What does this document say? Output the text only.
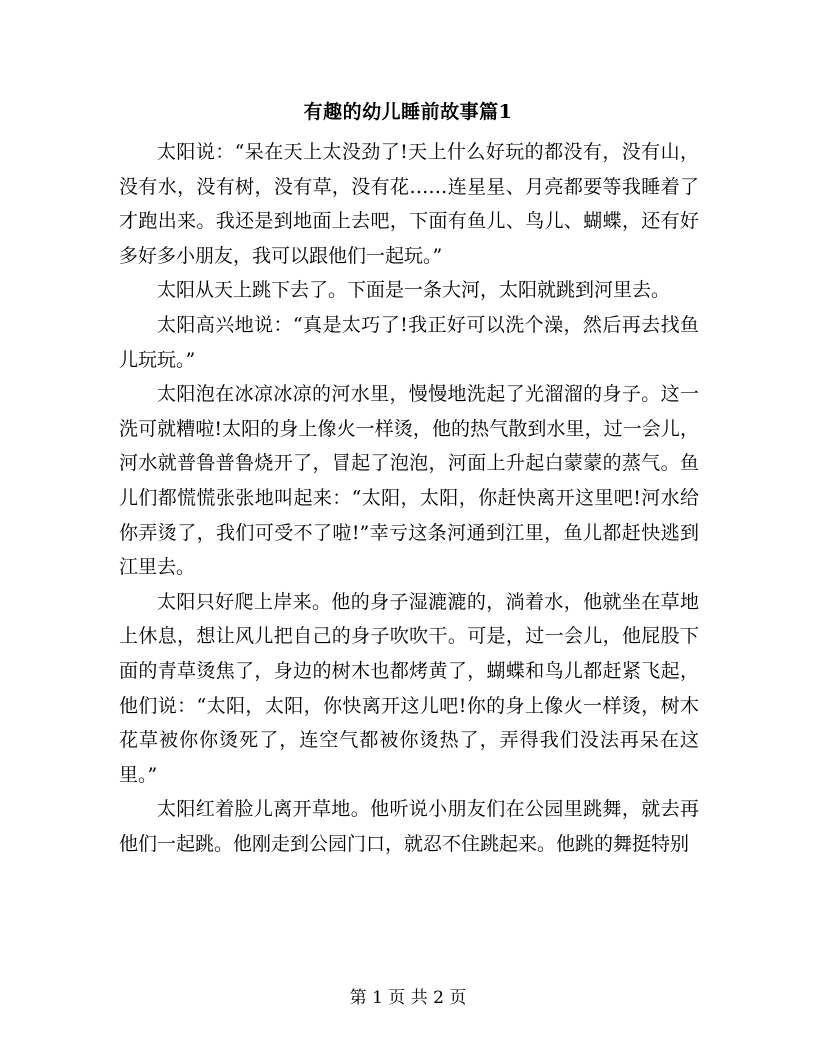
有趣的幼儿睡前故事篇1

太阳说：“呆在天上太没劲了!天上什么好玩的都没有，没有山，没有水，没有树，没有草，没有花……连星星、月亮都要等我睡着了才跑出来。我还是到地面上去吧，下面有鱼儿、鸟儿、蝴蝶，还有好多好多小朋友，我可以跟他们一起玩。”

太阳从天上跳下去了。下面是一条大河，太阳就跳到河里去。

太阳高兴地说：“真是太巧了!我正好可以洗个澡，然后再去找鱼儿玩玩。”

太阳泡在冰凉冰凉的河水里，慢慢地洗起了光溜溜的身子。这一洗可就糟啦!太阳的身上像火一样烫，他的热气散到水里，过一会儿，河水就普鲁普鲁烧开了，冒起了泡泡，河面上升起白蒙蒙的蒸气。鱼儿们都慌慌张张地叫起来：“太阳，太阳，你赶快离开这里吧!河水给你弄烫了，我们可受不了啦!”幸亏这条河通到江里，鱼儿都赶快逃到江里去。

太阳只好爬上岸来。他的身子湿漉漉的，淌着水，他就坐在草地上休息，想让风儿把自己的身子吹吹干。可是，过一会儿，他屁股下面的青草烫焦了，身边的树木也都烤黄了，蝴蝶和鸟儿都赶紧飞起，他们说：“太阳，太阳，你快离开这儿吧!你的身上像火一样烫，树木花草被你你烫死了，连空气都被你烫热了，弄得我们没法再呆在这里。”

太阳红着脸儿离开草地。他听说小朋友们在公园里跳舞，就去再他们一起跳。他刚走到公园门口，就忍不住跳起来。他跳的舞挺特别

第 1 页 共 2 页
